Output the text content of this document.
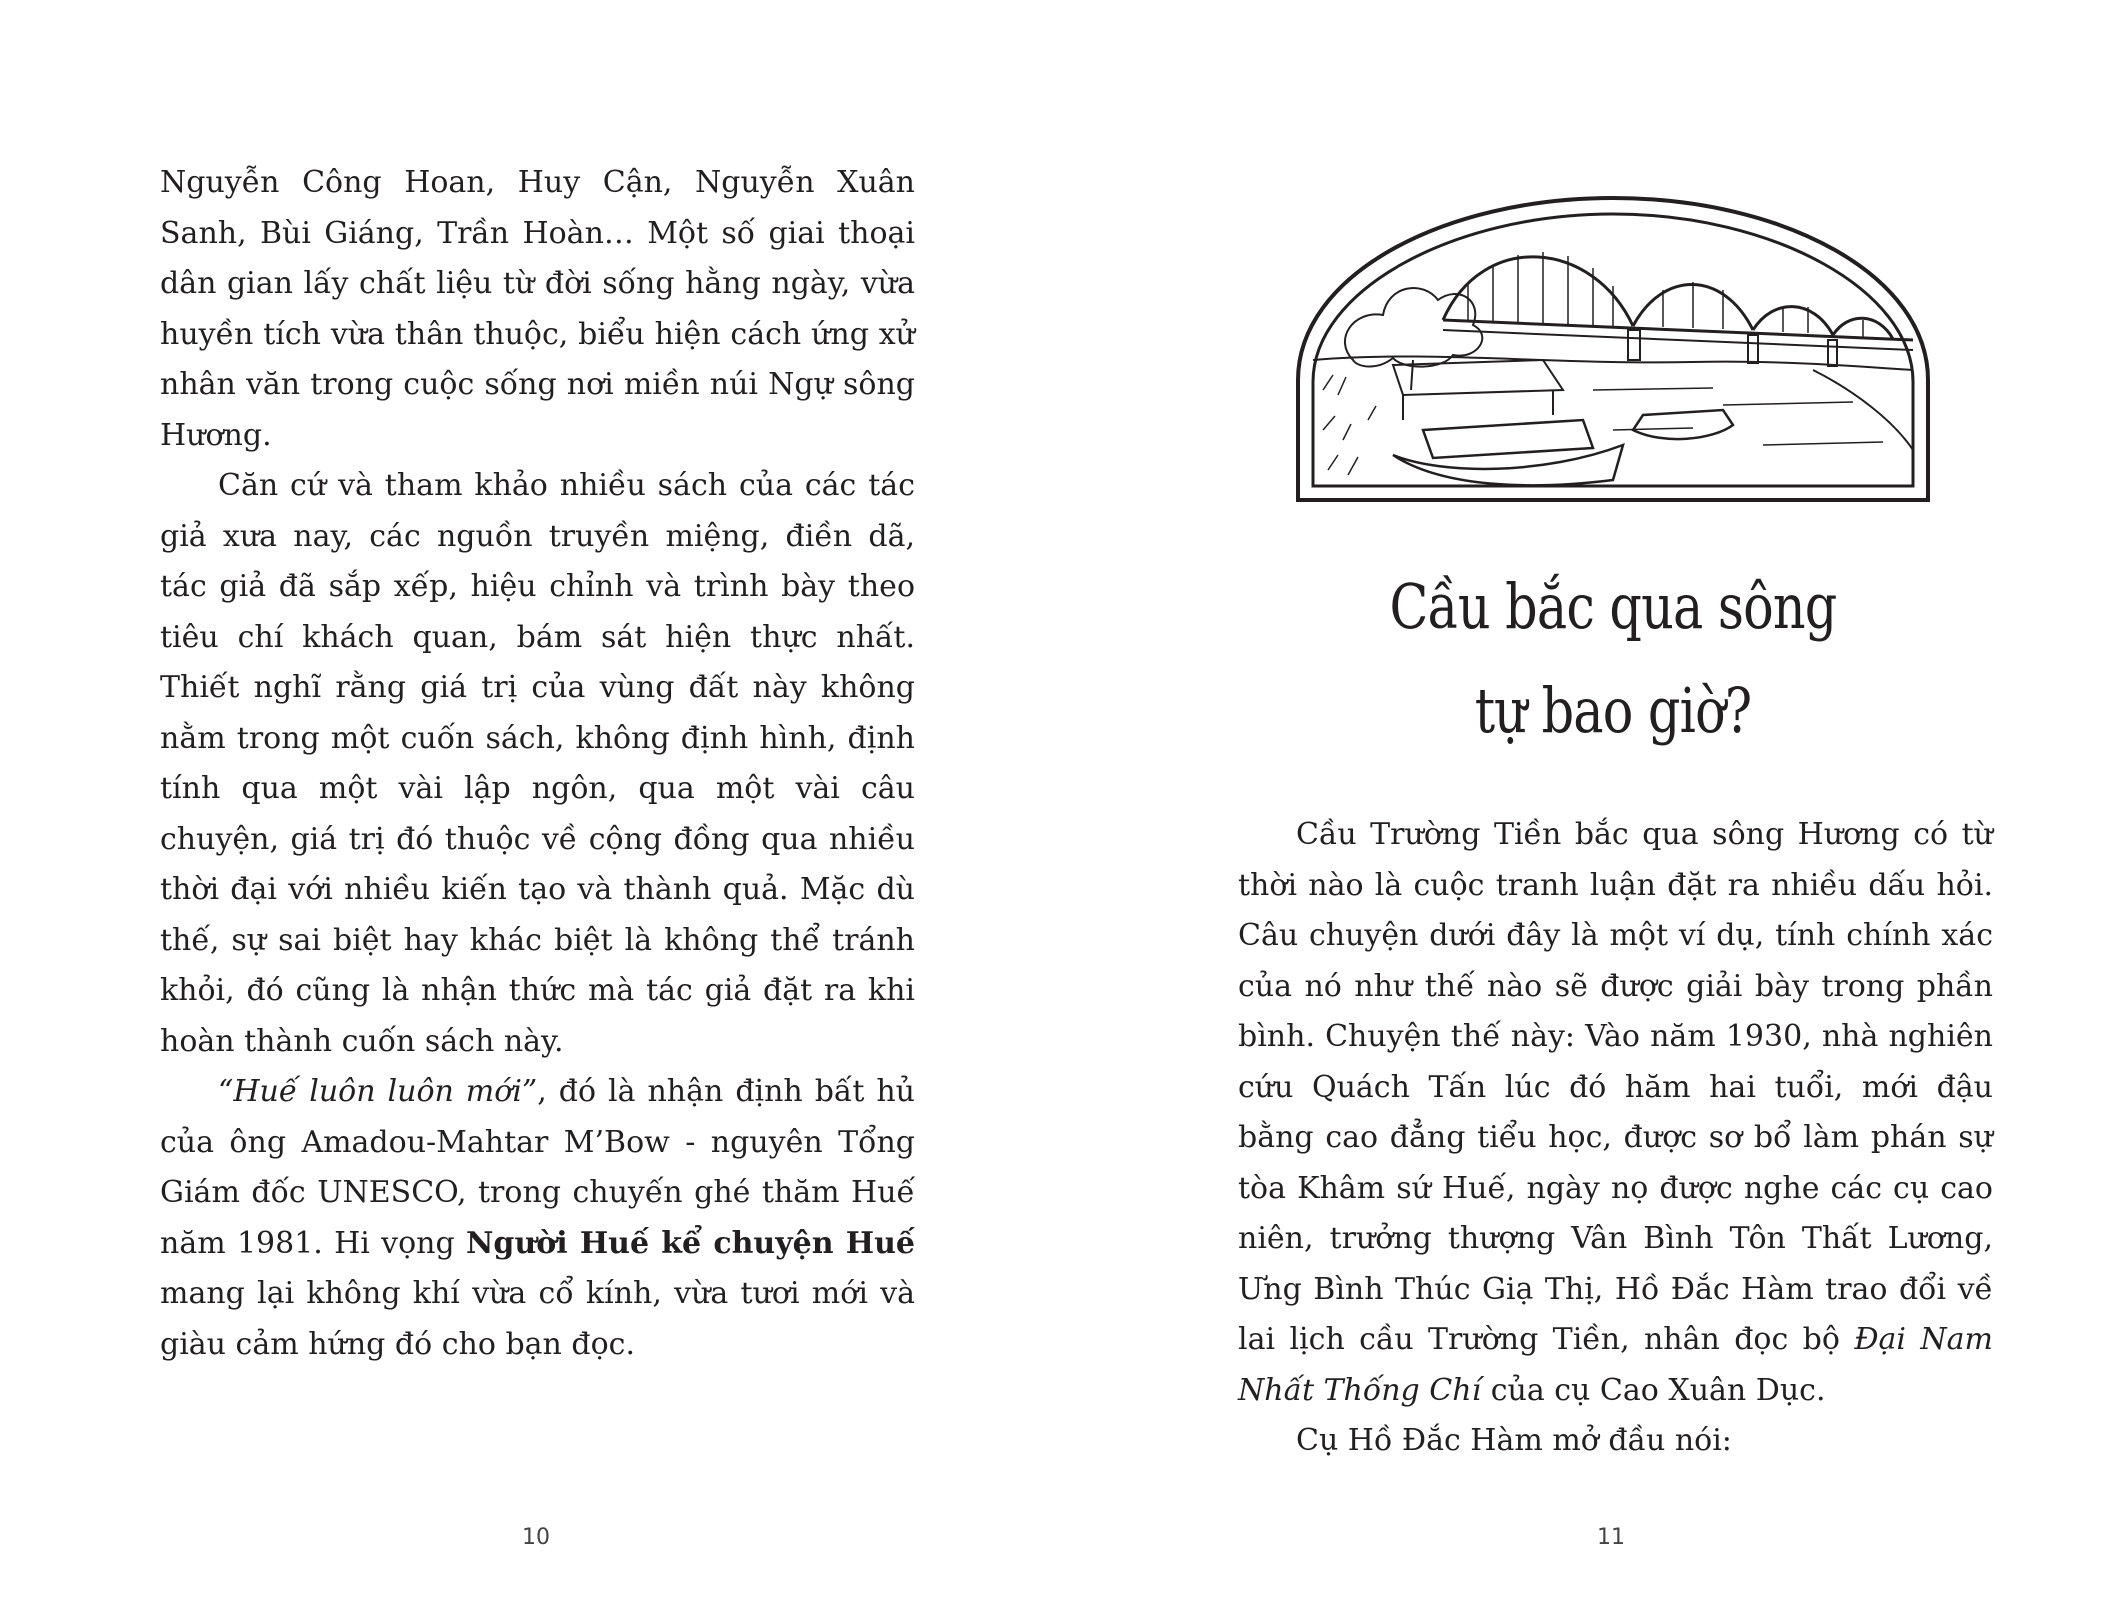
Nguyễn Công Hoan, Huy Cận, Nguyễn Xuân Sanh, Bùi Giáng, Trần Hoàn… Một số giai thoại dân gian lấy chất liệu từ đời sống hằng ngày, vừa huyền tích vừa thân thuộc, biểu hiện cách ứng xử nhân văn trong cuộc sống nơi miền núi Ngự sông Hương.

Căn cứ và tham khảo nhiều sách của các tác giả xưa nay, các nguồn truyền miệng, điền dã, tác giả đã sắp xếp, hiệu chỉnh và trình bày theo tiêu chí khách quan, bám sát hiện thực nhất. Thiết nghĩ rằng giá trị của vùng đất này không nằm trong một cuốn sách, không định hình, định tính qua một vài lập ngôn, qua một vài câu chuyện, giá trị đó thuộc về cộng đồng qua nhiều thời đại với nhiều kiến tạo và thành quả. Mặc dù thế, sự sai biệt hay khác biệt là không thể tránh khỏi, đó cũng là nhận thức mà tác giả đặt ra khi hoàn thành cuốn sách này.

“Huế luôn luôn mới”, đó là nhận định bất hủ của ông Amadou-Mahtar M’Bow - nguyên Tổng Giám đốc UNESCO, trong chuyến ghé thăm Huế năm 1981. Hi vọng Người Huế kể chuyện Huế mang lại không khí vừa cổ kính, vừa tươi mới và giàu cảm hứng đó cho bạn đọc.

10
Cầu bắc qua sông
tự bao giờ?

Cầu Trường Tiền bắc qua sông Hương có từ thời nào là cuộc tranh luận đặt ra nhiều dấu hỏi. Câu chuyện dưới đây là một ví dụ, tính chính xác của nó như thế nào sẽ được giải bày trong phần bình. Chuyện thế này: Vào năm 1930, nhà nghiên cứu Quách Tấn lúc đó hăm hai tuổi, mới đậu bằng cao đẳng tiểu học, được sơ bổ làm phán sự tòa Khâm sứ Huế, ngày nọ được nghe các cụ cao niên, trưởng thượng Vân Bình Tôn Thất Lương, Ưng Bình Thúc Giạ Thị, Hồ Đắc Hàm trao đổi về lai lịch cầu Trường Tiền, nhân đọc bộ Đại Nam Nhất Thống Chí của cụ Cao Xuân Dục.

Cụ Hồ Đắc Hàm mở đầu nói:

11
